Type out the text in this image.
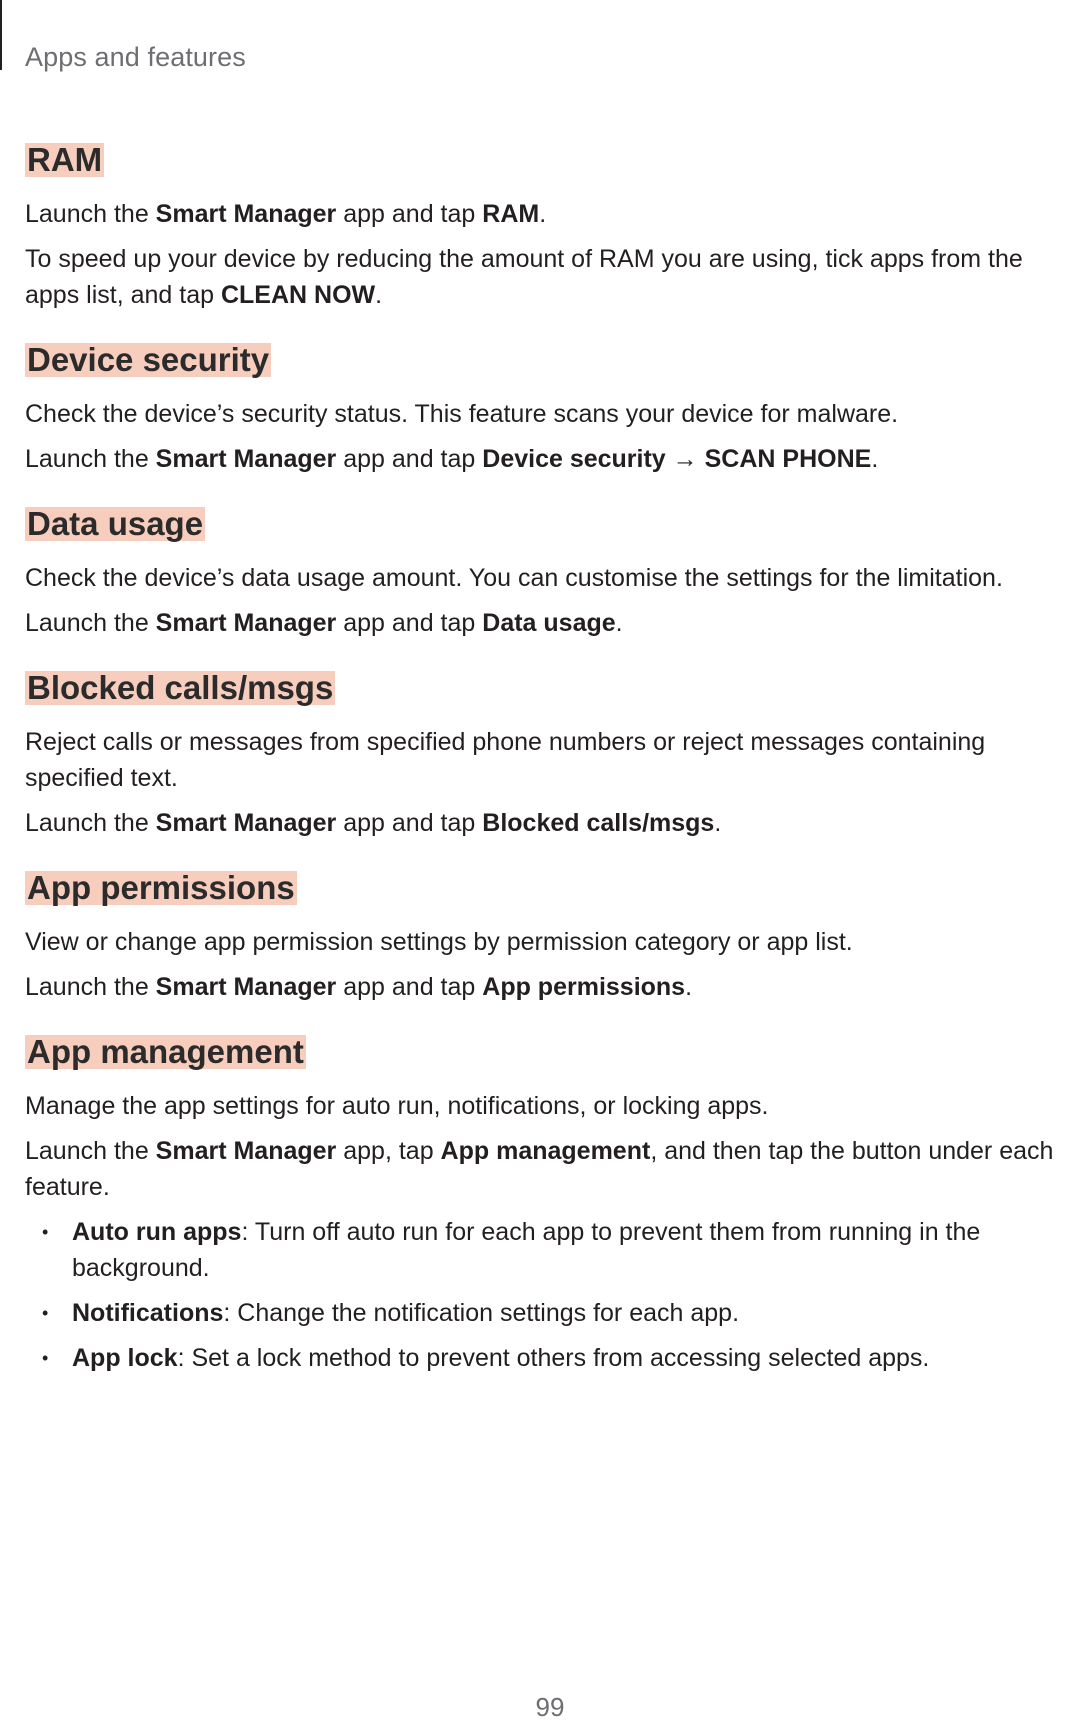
Apps and features
RAM

Launch the Smart Manager app and tap RAM.

To speed up your device by reducing the amount of RAM you are using, tick apps from the apps list, and tap CLEAN NOW.

Device security

Check the device’s security status. This feature scans your device for malware.

Launch the Smart Manager app and tap Device security → SCAN PHONE.

Data usage

Check the device’s data usage amount. You can customise the settings for the limitation.

Launch the Smart Manager app and tap Data usage.

Blocked calls/msgs

Reject calls or messages from specified phone numbers or reject messages containing specified text.

Launch the Smart Manager app and tap Blocked calls/msgs.

App permissions

View or change app permission settings by permission category or app list.

Launch the Smart Manager app and tap App permissions.

App management

Manage the app settings for auto run, notifications, or locking apps.

Launch the Smart Manager app, tap App management, and then tap the button under each feature.

• Auto run apps: Turn off auto run for each app to prevent them from running in the background.
• Notifications: Change the notification settings for each app.
• App lock: Set a lock method to prevent others from accessing selected apps.
99
